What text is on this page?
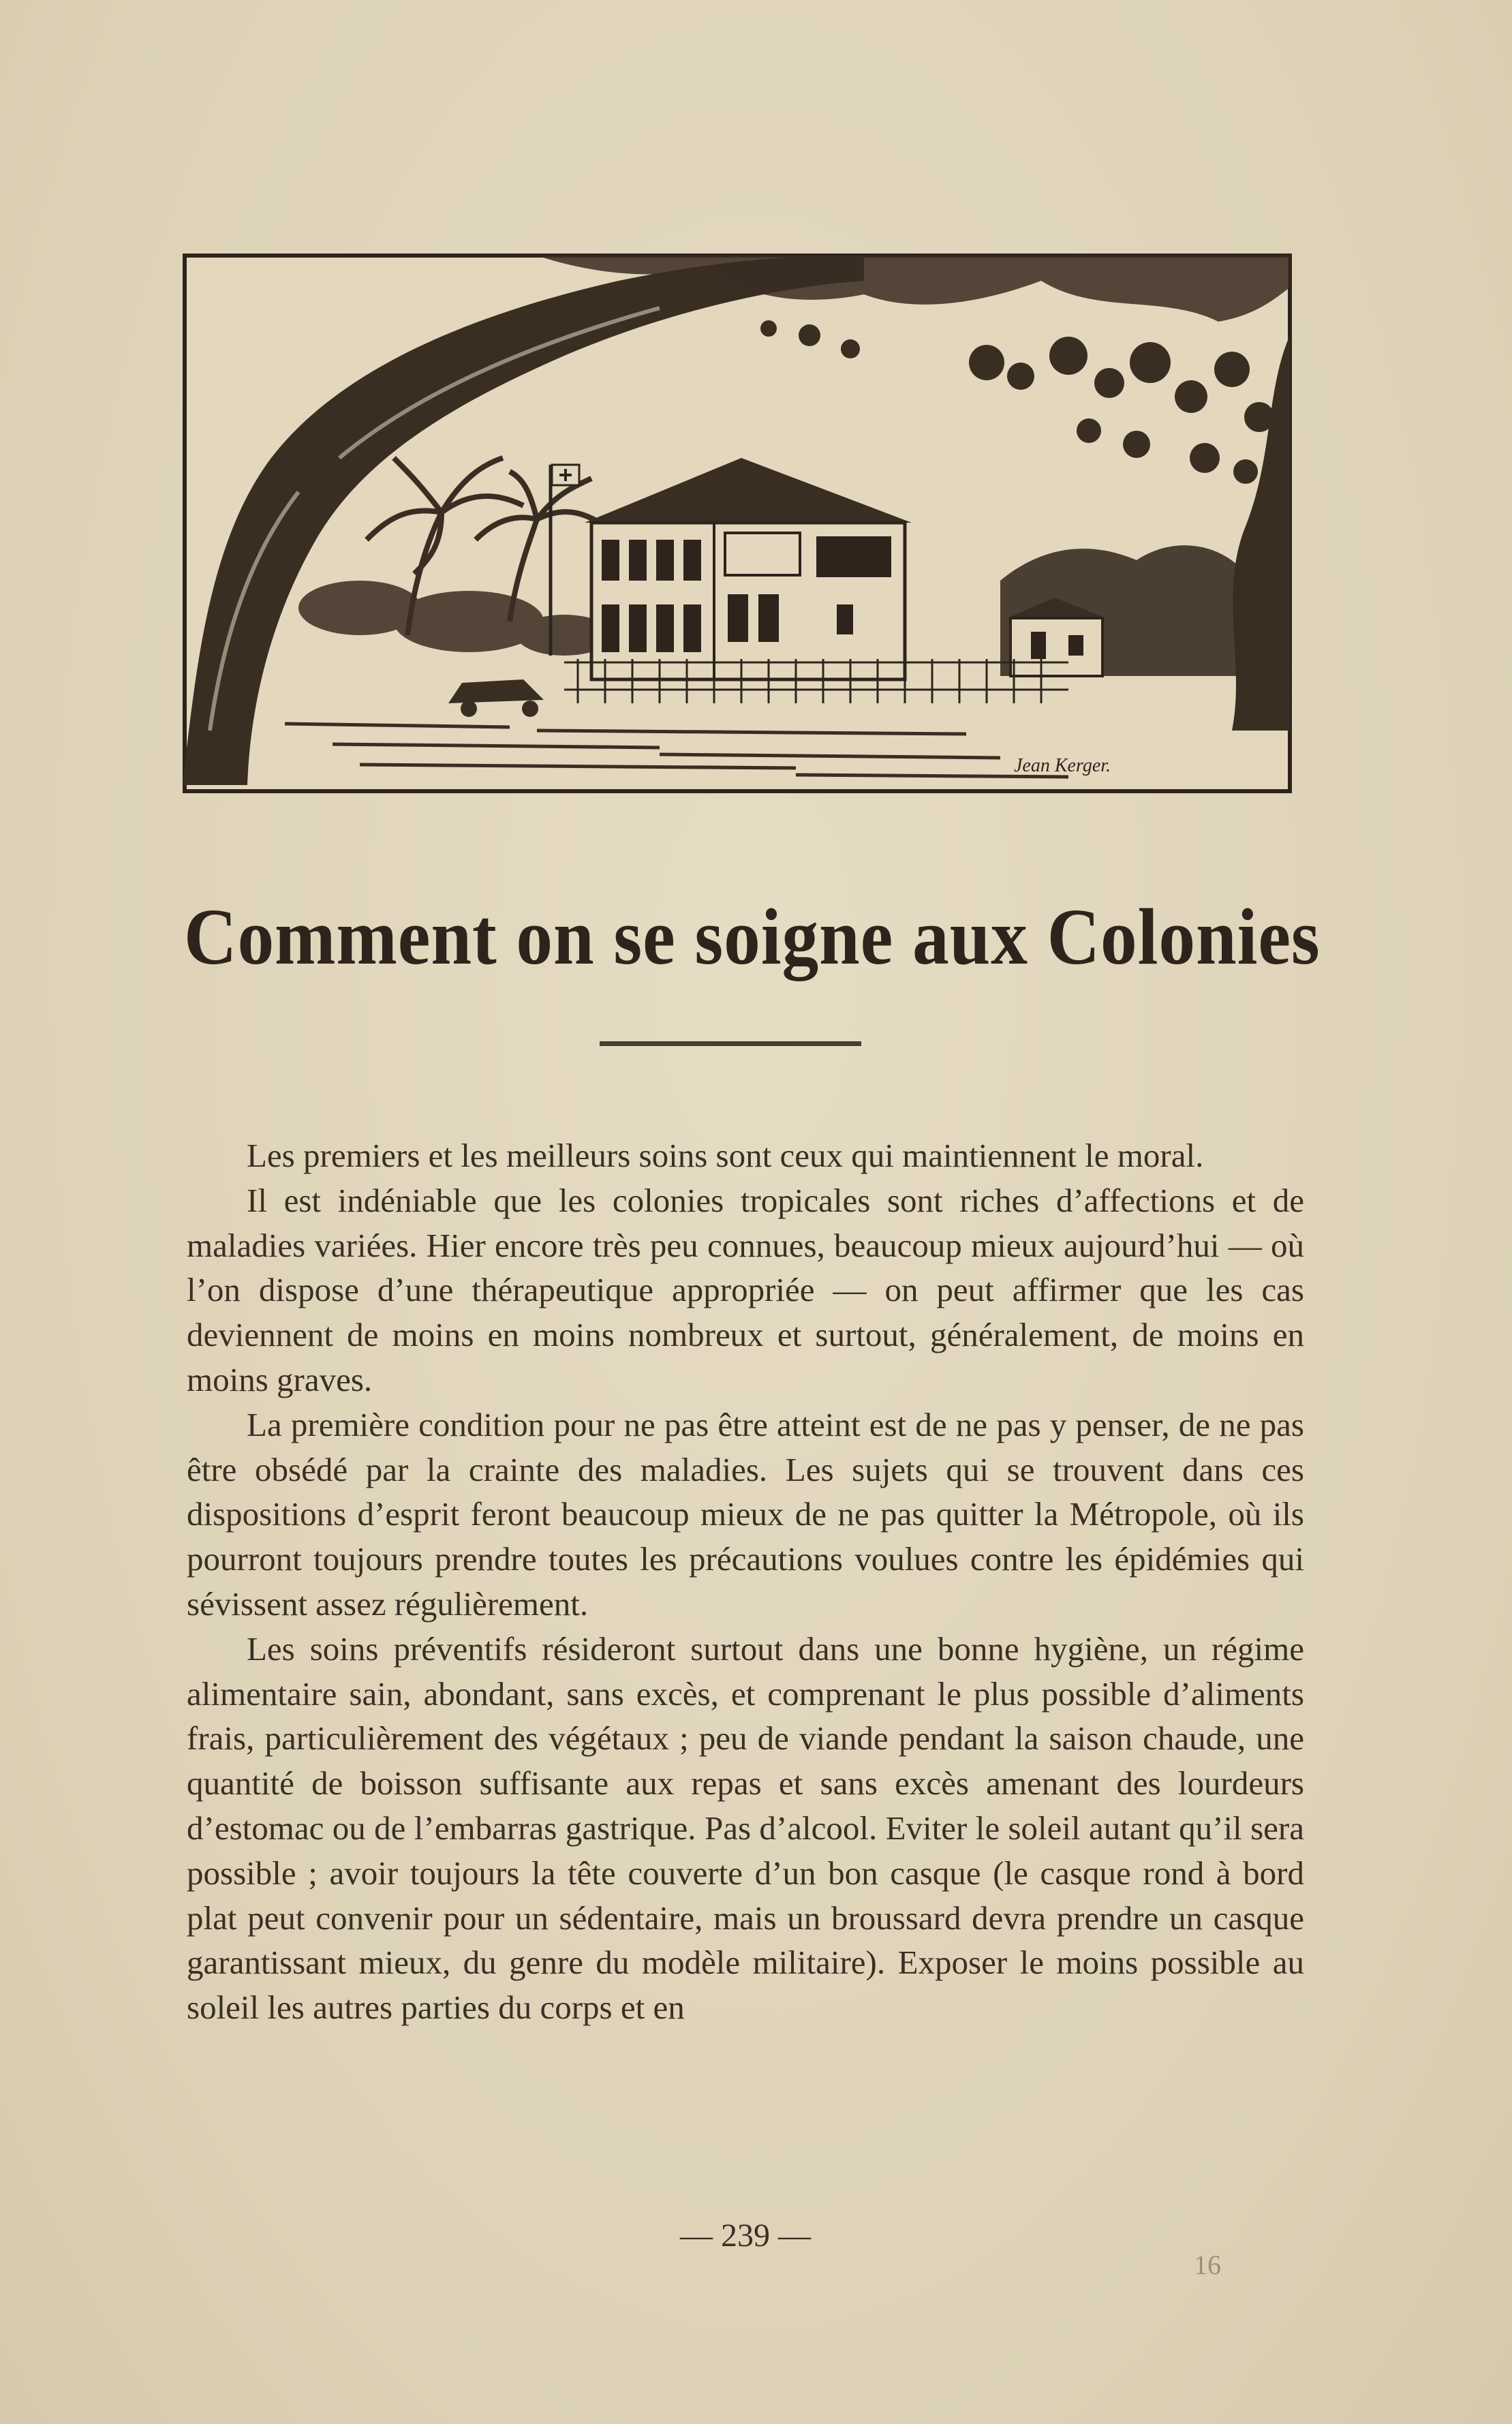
Jean Kerger.
Comment on se soigne aux Colonies

Les premiers et les meilleurs soins sont ceux qui maintiennent le moral.

Il est indéniable que les colonies tropicales sont riches d’affections et de maladies variées. Hier encore très peu connues, beaucoup mieux aujourd’hui — où l’on dispose d’une thérapeutique appropriée — on peut affirmer que les cas deviennent de moins en moins nombreux et surtout, généralement, de moins en moins graves.

La première condition pour ne pas être atteint est de ne pas y penser, de ne pas être obsédé par la crainte des maladies. Les sujets qui se trouvent dans ces dispositions d’esprit feront beaucoup mieux de ne pas quitter la Métropole, où ils pourront toujours prendre toutes les précautions voulues contre les épidémies qui sévissent assez régulièrement.

Les soins préventifs résideront surtout dans une bonne hygiène, un régime alimentaire sain, abondant, sans excès, et comprenant le plus possible d’aliments frais, particulièrement des végétaux ; peu de viande pendant la saison chaude, une quantité de boisson suffisante aux repas et sans excès amenant des lourdeurs d’estomac ou de l’embarras gastrique. Pas d’alcool. Eviter le soleil autant qu’il sera possible ; avoir toujours la tête couverte d’un bon casque (le casque rond à bord plat peut convenir pour un sédentaire, mais un broussard devra prendre un casque garantissant mieux, du genre du modèle militaire). Exposer le moins possible au soleil les autres parties du corps et en

— 239 —
16
